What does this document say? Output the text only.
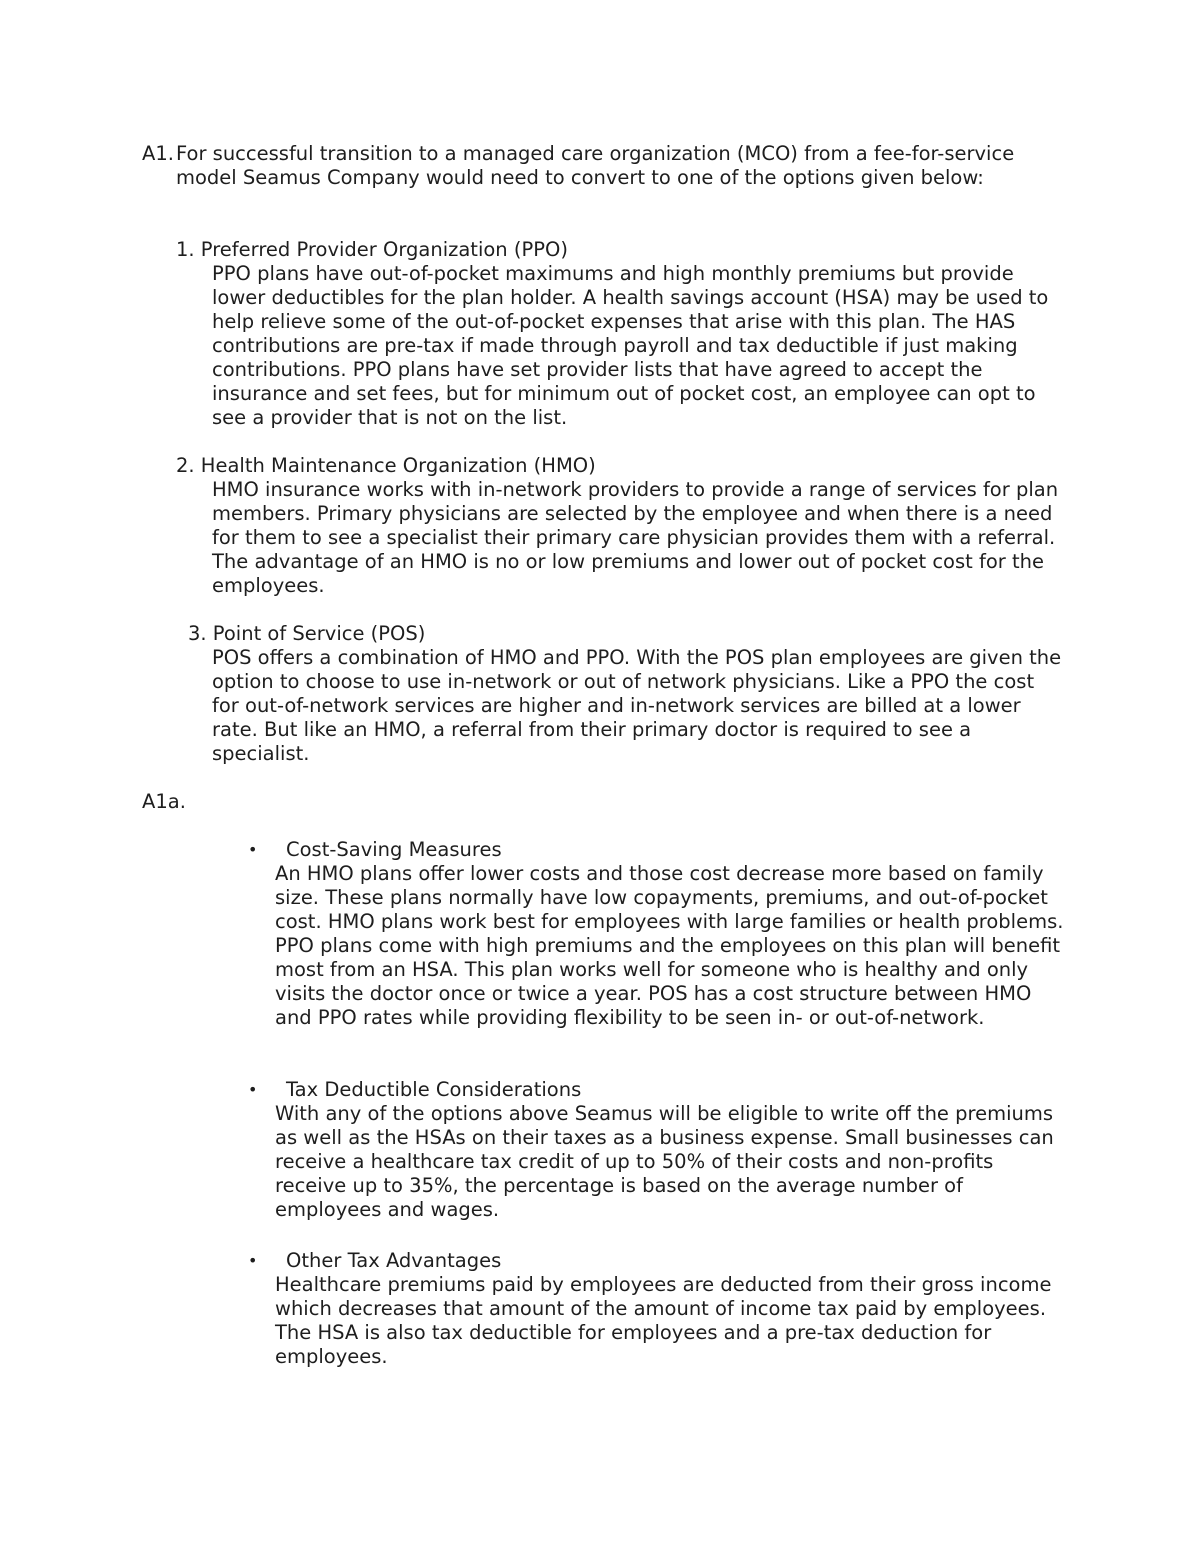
A1. For successful transition to a managed care organization (MCO) from a fee-for-service model Seamus Company would need to convert to one of the options given below:

1. Preferred Provider Organization (PPO)
PPO plans have out-of-pocket maximums and high monthly premiums but provide lower deductibles for the plan holder. A health savings account (HSA) may be used to help relieve some of the out-of-pocket expenses that arise with this plan. The HAS contributions are pre-tax if made through payroll and tax deductible if just making contributions. PPO plans have set provider lists that have agreed to accept the insurance and set fees, but for minimum out of pocket cost, an employee can opt to see a provider that is not on the list.
2. Health Maintenance Organization (HMO)
HMO insurance works with in-network providers to provide a range of services for plan members. Primary physicians are selected by the employee and when there is a need for them to see a specialist their primary care physician provides them with a referral. The advantage of an HMO is no or low premiums and lower out of pocket cost for the employees.
3. Point of Service (POS)
POS offers a combination of HMO and PPO. With the POS plan employees are given the option to choose to use in-network or out of network physicians. Like a PPO the cost for out-of-network services are higher and in-network services are billed at a lower rate. But like an HMO, a referral from their primary doctor is required to see a specialist.
A1a.
• Cost-Saving Measures
An HMO plans offer lower costs and those cost decrease more based on family size. These plans normally have low copayments, premiums, and out-of-pocket cost. HMO plans work best for employees with large families or health problems. PPO plans come with high premiums and the employees on this plan will benefit most from an HSA. This plan works well for someone who is healthy and only visits the doctor once or twice a year. POS has a cost structure between HMO and PPO rates while providing flexibility to be seen in- or out-of-network.
• Tax Deductible Considerations
With any of the options above Seamus will be eligible to write off the premiums as well as the HSAs on their taxes as a business expense. Small businesses can receive a healthcare tax credit of up to 50% of their costs and non-profits receive up to 35%, the percentage is based on the average number of employees and wages.
• Other Tax Advantages
Healthcare premiums paid by employees are deducted from their gross income which decreases that amount of the amount of income tax paid by employees. The HSA is also tax deductible for employees and a pre-tax deduction for employees.
